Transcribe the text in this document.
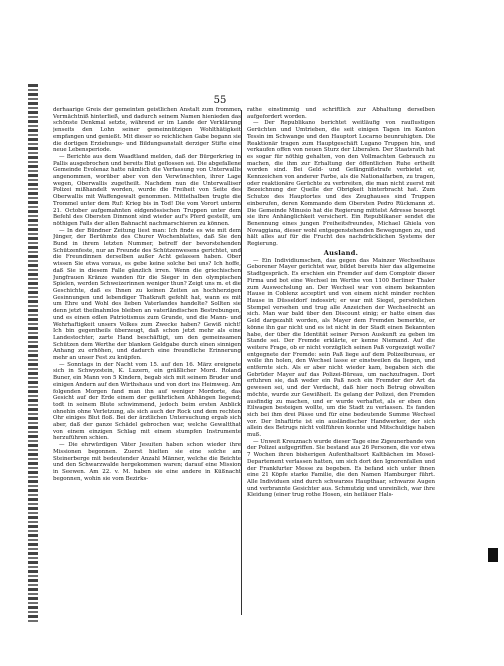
55

derhaarige Greis der gemeinten geistlichen Anstalt zum frommen Vermächtniß hinterließ, und dadurch seinem Namen hienieden das schönste Denkmal setzte, während er im Lande der Verklärung jenseits den Lohn seiner gemeinnützigen Wohlthätigkeit empfangen und genießt. Mit dieser so reichlichen Gabe begann sie die dortigen Erziehungs- und Bildungsanstalt derziger Stifte eine neue Lebensperiode.

— Berichte aus dem Waadtland melden, daß der Bürgerkrieg in Pallis ausgebrochen und bereits Blut geflossen sei. Die abgefallene Gemeinde Evolenaz hatte nämlich die Verfassung von Unterwallis angenommen, worüber aber von den Verwünschten, ihrer Lage wegen, Oberwallis zugetheilt. Nachdem nun die Unterwalliser Polizei mißhandelt worden, wurde die Freiheit von Seite des Oberwallis mit Waffengewalt genommen. Mittelhalben trugte die Trommel unter dem Ruf: Krieg bis in Tod! Die vom Vorort unterm 21. October aufgemahnten eidgenössischen Truppen unter dem Befehl des Obersten Dinmont sind wieder auf's Pferd gestellt, um nöthigen Falls der allen Bahnacht nachmarschieren zu können.

— In der Bündner Zeitung liest man: Ich finde es wie mit dem Jünger, der Berühmte des Churer Wochenblattes, daß Sie den Bund in ihrem letzten Nummer, betreff der bevorstehenden Schützenfeste, nur an Freunde des Schützenwesens gerichtet, und die Freundinnen derselben außer Acht gelassen haben. Ober wissen Sie etwa voraus, es gebe keine solche bei uns? Ich hoffe, daß Sie in diesem Falle gänzlich irren. Wenn die griechischen Jungfrauen Kränze wanden für die Sieger in den olympischen Spielen, werden Schweizerinnen weniger thun? Zeigt uns m. et die Geschichte, daß es Ihnen zu keinen Zeiten an hochherzigen Gesinnungen und lebendiger Thatkraft gefehlt hat, wann es mit um Ehre und Wohl des lieben Vaterlandes handelte? Sollten sie denn jetzt theilnahmlos bleiben an vaterländischen Bestrebungen, und es einen edlen Patriotismus zum Grunde, und die Mann- und Wehrhaftigkeit unsers Volkes zum Zwecke haben? Gewiß nicht! Ich bin gegentheils überzeugt, daß schon jetzt mehr als eine Landestochter, zarte Hand beschäftigt, um den gemeinsamen Schützen dem Werthe der blanken Geldgabe durch einen sinnigen Anhang zu erhöhen, und dadurch eine freundliche Erinnerung mehr an unser Fest zu knüpfen.

— Sonntags in der Nacht vom 15. auf den 16. März ereignete sich in Schwyzstein, K. Luzern, ein gräßlicher Mord. Roland Buner, ein Mann von 5 Kindern, begab sich mit seinem Bruder und einigen Andern auf den Wirthshaus und von dort ins Heimweg. Am folgenden Morgen fand man ihn auf weniger Mordorte, das Gesicht auf der Erde einem der gefährlichen Abhängen liegend; todt in seinem Blute schwimmend, jedoch beim ersten Anblick ohnehin ohne Verletzung, als sich auch der Rock und dem rechten Ohr einiges Blut floß. Bei der ärztlichen Untersuchung ergab sich aber, daß der ganze Schädel gebrochen war, welche Gewaltthat von einem einzigen Schlag mit einem stumpfen Instrumente herzuführen schien.

— Die ehrwürdigen Väter Jesuiten haben schon wieder ihre Missionen begonnen. Zuerst hielten sie eine solche am Steinerberge mit bedeutender Anzahl Männer, welche die Beichte und den Schwarzwalde hergekommen waren; darauf eine Mission in Seewen. Am 22. v. M. haben sie eine andere in Küßnacht begonnen, wohin sie vom Bezirks-

rathe einstimmig und schriftlich zur Abhaltung derselben aufgefordert worden.

— Der Republikano berichtet weitläufig von rauflustigen Gerüchten und Umtrieben, die seit einigen Tagen im Kanton Tessin im Schwange und den Hauptort Locarno beunruhigten. Die Reaktionär tragen zum Hauptgeschäft Lugano Truppen hin, und verkaufen offen von neuen Sturz der Liberalen. Der Staatsrath hat es sogar für nöthig gehalten, von den Vollmachten Gebrauch zu machen, die ihm zur Erhaltung der öffentlichen Ruhe ertheilt worden sind. Bei Geld- und Gefängnißstrafe verbietet er, Kennzeichen von anderer Farbe, als die Nationalfarben, zu tragen, oder reaktionäre Gerüchte zu verbreiten, die man nicht zuerst mit Bezeichnung der Quelle der Obrigkeit hinterbracht hat. Zum Schutze des Hauptortes und des Zeughauses sind Truppen einberufen, deren Kommando dem Obersten Pedro Rückmann zt. Die Gemeinde Minusio hat die Regierung mittelst Adresse besorgt sie ihre Anhänglichkeit versichert. Ein Republikaner sendet die Benennung eines jungen Freiheitsfreundes, Michael Ghiela von Novaggiana, dieser wohl entgegenstehenden Bewegungen zu, und hält alles auf für die Frucht des nachdrücklichen Systems der Regierung.

Ausland.

— Ein Individiumschen, das gegen das Mainzer Wechselhaus Geborener Mayer gerichtet war, bildet bereits hier das allgemeine Stadtgespräch. Es erschien ein Fremder auf dem Comptoir dieser Firma und bot eine Wechsel im Werthe von 1100 Berliner Thaler zum Auswechslung an. Der Wechsel war von einem bekannten Hause in Coblenz acceptirt und von einem nicht minder rechten Hause in Düsseldorf indossirt; er war mit Siegel, persönlichen Stempel versehen und trug alle Anzeichen der Wechselrecht an sich. Man war bald über den Discount einig; er hatte einen das Geld dargezahlt worden, als Mayer dem Fremden bemerkte, er könne ihn gar nicht und es ist nicht in der Stadt einen Bekannten habe, der über die Identität seiner Person Auskunft zu geben im Stande sei. Der Fremde erklärte, er kenne Niemand. Auf die weitere Frage, ob er nicht vorzüglich seinen Paß vorgezeigt wolle? entgegnete der Fremde: sein Paß liege auf dem Polizeibureau, er wolle ihn holen, den Wechsel lasse er einstweilen da liegen, und entfernte sich. Als er aber nicht wieder kam, begaben sich die Gebrüder Mayer auf das Polizei-Büreau, um nachzufragen. Dort erfuhren sie, daß weder ein Paß noch ein Fremder der Art da gewesen sei, und der Verdacht, daß hier noch Betrug obwalten möchte, wurde zur Gewißheit. Es gelang der Polizei, den Fremden ausfindig zu machen, und er wurde verhaftet, als er eben den Eilwagen besteigen wollte, um die Stadt zu verlassen. Es fanden sich bei ihm drei Pässe und für eine bedeutende Summe Wechsel vor. Der Inhaftirte ist ein ausländischer Handwerker, der sich allein des Betrugs nicht vollführen konnte und Mitschuldige haben muß.

— Unweit Kreuznach wurde dieser Tage eine Zigeunerbande von der Polizei aufgegriffen. Sie bestand aus 26 Personen, die vor etwa 7 Wochen ihren bisherigen Aufenthaltsort Kaltbächen im Mosel-Departement verlassen hatten, um sich dort den Ignorenfallen und der Frankfurter Messe zu begeben. Es befand sich unter ihnen eine 21 Köpfe starke Familie, die den Namen Hamburger führt. Alle Individuen sind durch schwarzes Haupthaar, schwarze Augen und verbrannte Gesichter aus. Schmutzig und unreinlich, war ihre Kleidung (einer trug rothe Hosen, ein heiläuer Hals-
